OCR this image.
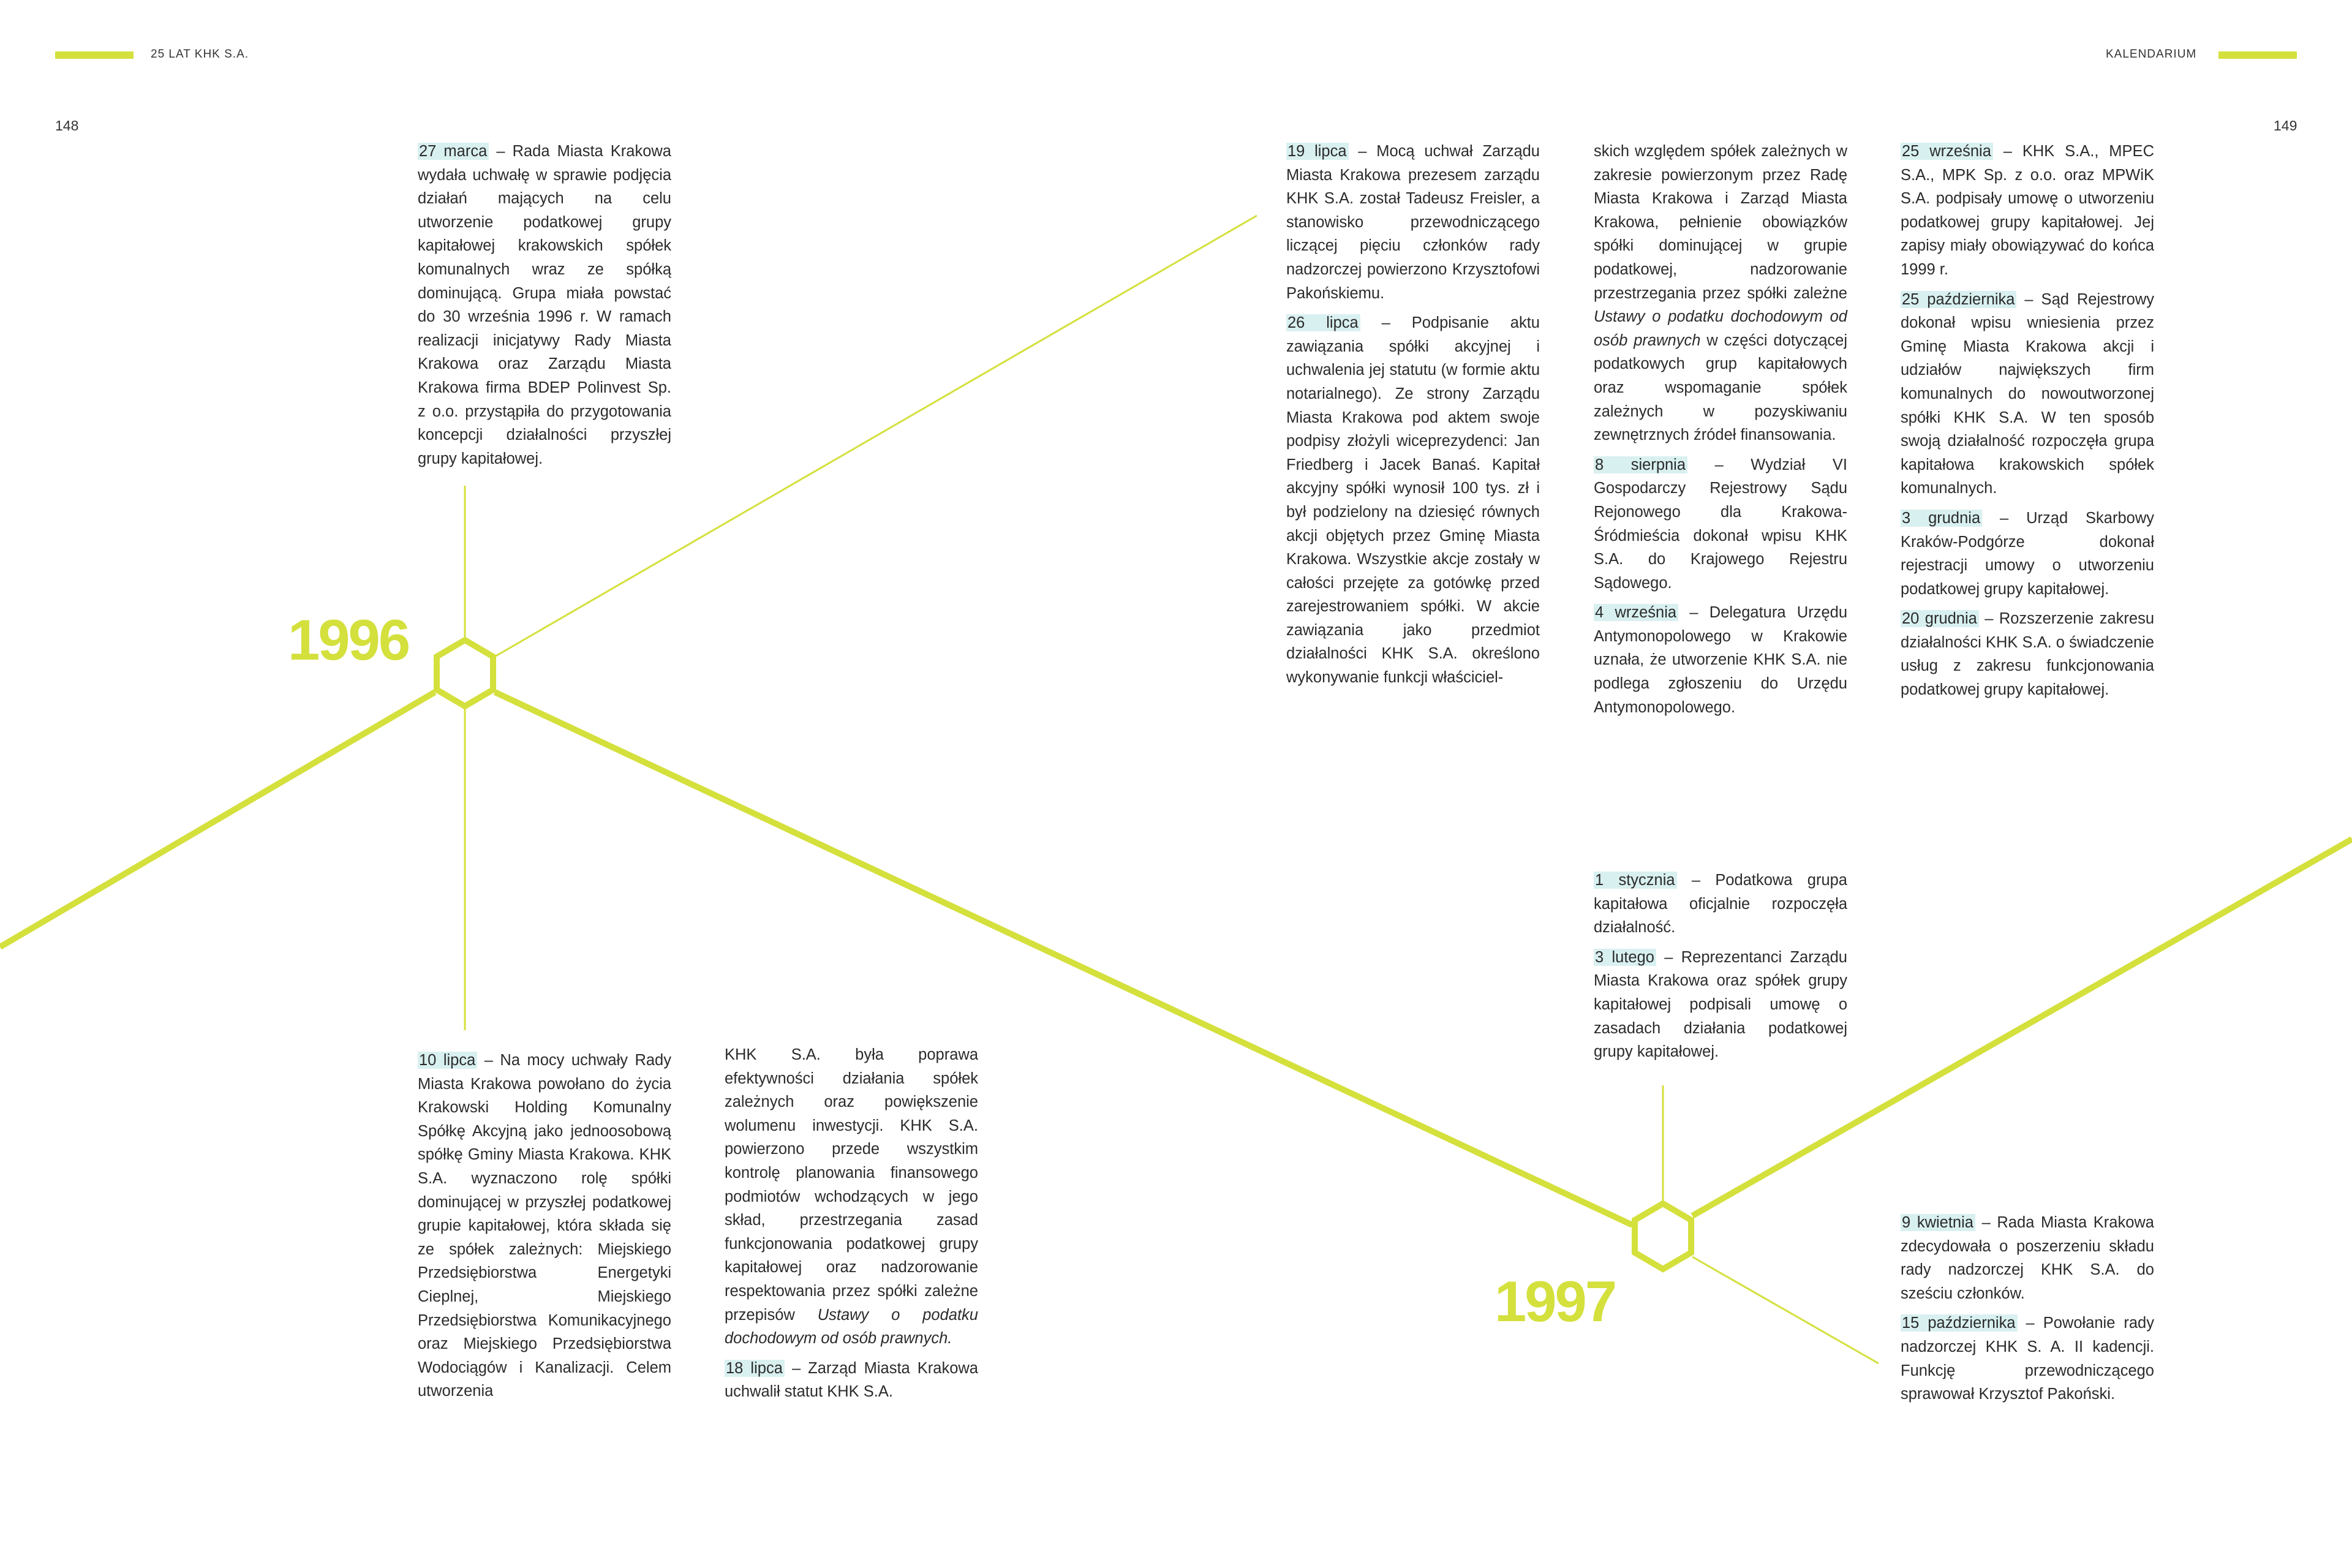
25 LAT KHK S.A.	KALENDARIUM
148	149
1996
1997

27 marca – Rada Miasta Krakowa wydała uchwałę w sprawie podjęcia działań mających na celu utworzenie podatkowej grupy kapitałowej krakowskich spółek komunalnych wraz ze spółką dominującą. Grupa miała powstać do 30 września 1996 r. W ramach realizacji inicjatywy Rady Miasta Krakowa oraz Zarządu Miasta Krakowa firma BDEP Polinvest Sp. z o.o. przystąpiła do przygotowania koncepcji działalności przyszłej grupy kapitałowej.

10 lipca – Na mocy uchwały Rady Miasta Krakowa powołano do życia Krakowski Holding Komunalny Spółkę Akcyjną jako jednoosobową spółkę Gminy Miasta Krakowa. KHK S.A. wyznaczono rolę spółki dominującej w przyszłej podatkowej grupie kapitałowej, która składa się ze spółek zależnych: Miejskiego Przedsiębiorstwa Energetyki Cieplnej, Miejskiego Przedsiębiorstwa Komunikacyjnego oraz Miejskiego Przedsiębiorstwa Wodociągów i Kanalizacji. Celem utworzenia

KHK S.A. była poprawa efektywności działania spółek zależnych oraz powiększenie wolumenu inwestycji. KHK S.A. powierzono przede wszystkim kontrolę planowania finansowego podmiotów wchodzących w jego skład, przestrzegania zasad funkcjonowania podatkowej grupy kapitałowej oraz nadzorowanie respektowania przez spółki zależne przepisów Ustawy o podatku dochodowym od osób prawnych.

18 lipca – Zarząd Miasta Krakowa uchwalił statut KHK S.A.

19 lipca – Mocą uchwał Zarządu Miasta Krakowa prezesem zarządu KHK S.A. został Tadeusz Freisler, a stanowisko przewodniczącego liczącej pięciu członków rady nadzorczej powierzono Krzysztofowi Pakońskiemu.

26 lipca – Podpisanie aktu zawiązania spółki akcyjnej i uchwalenia jej statutu (w formie aktu notarialnego). Ze strony Zarządu Miasta Krakowa pod aktem swoje podpisy złożyli wiceprezydenci: Jan Friedberg i Jacek Banaś. Kapitał akcyjny spółki wynosił 100 tys. zł i był podzielony na dziesięć równych akcji objętych przez Gminę Miasta Krakowa. Wszystkie akcje zostały w całości przejęte za gotówkę przed zarejestrowaniem spółki. W akcie zawiązania jako przedmiot działalności KHK S.A. określono wykonywanie funkcji właściciel-

skich względem spółek zależnych w zakresie powierzonym przez Radę Miasta Krakowa i Zarząd Miasta Krakowa, pełnienie obowiązków spółki dominującej w grupie podatkowej, nadzorowanie przestrzegania przez spółki zależne Ustawy o podatku dochodowym od osób prawnych w części dotyczącej podatkowych grup kapitałowych oraz wspomaganie spółek zależnych w pozyskiwaniu zewnętrznych źródeł finansowania.

8 sierpnia – Wydział VI Gospodarczy Rejestrowy Sądu Rejonowego dla Krakowa-Śródmieścia dokonał wpisu KHK S.A. do Krajowego Rejestru Sądowego.

4 września – Delegatura Urzędu Antymonopolowego w Krakowie uznała, że utworzenie KHK S.A. nie podlega zgłoszeniu do Urzędu Antymonopolowego.

25 września – KHK S.A., MPEC S.A., MPK Sp. z o.o. oraz MPWiK S.A. podpisały umowę o utworzeniu podatkowej grupy kapitałowej. Jej zapisy miały obowiązywać do końca 1999 r.

25 października – Sąd Rejestrowy dokonał wpisu wniesienia przez Gminę Miasta Krakowa akcji i udziałów największych firm komunalnych do nowoutworzonej spółki KHK S.A. W ten sposób swoją działalność rozpoczęła grupa kapitałowa krakowskich spółek komunalnych.

3 grudnia – Urząd Skarbowy Kraków-Podgórze dokonał rejestracji umowy o utworzeniu podatkowej grupy kapitałowej.

20 grudnia – Rozszerzenie zakresu działalności KHK S.A. o świadczenie usług z zakresu funkcjonowania podatkowej grupy kapitałowej.

1 stycznia – Podatkowa grupa kapitałowa oficjalnie rozpoczęła działalność.

3 lutego – Reprezentanci Zarządu Miasta Krakowa oraz spółek grupy kapitałowej podpisali umowę o zasadach działania podatkowej grupy kapitałowej.

9 kwietnia – Rada Miasta Krakowa zdecydowała o poszerzeniu składu rady nadzorczej KHK S.A. do sześciu członków.

15 października – Powołanie rady nadzorczej KHK S. A. II kadencji. Funkcję przewodniczącego sprawował Krzysztof Pakoński.
